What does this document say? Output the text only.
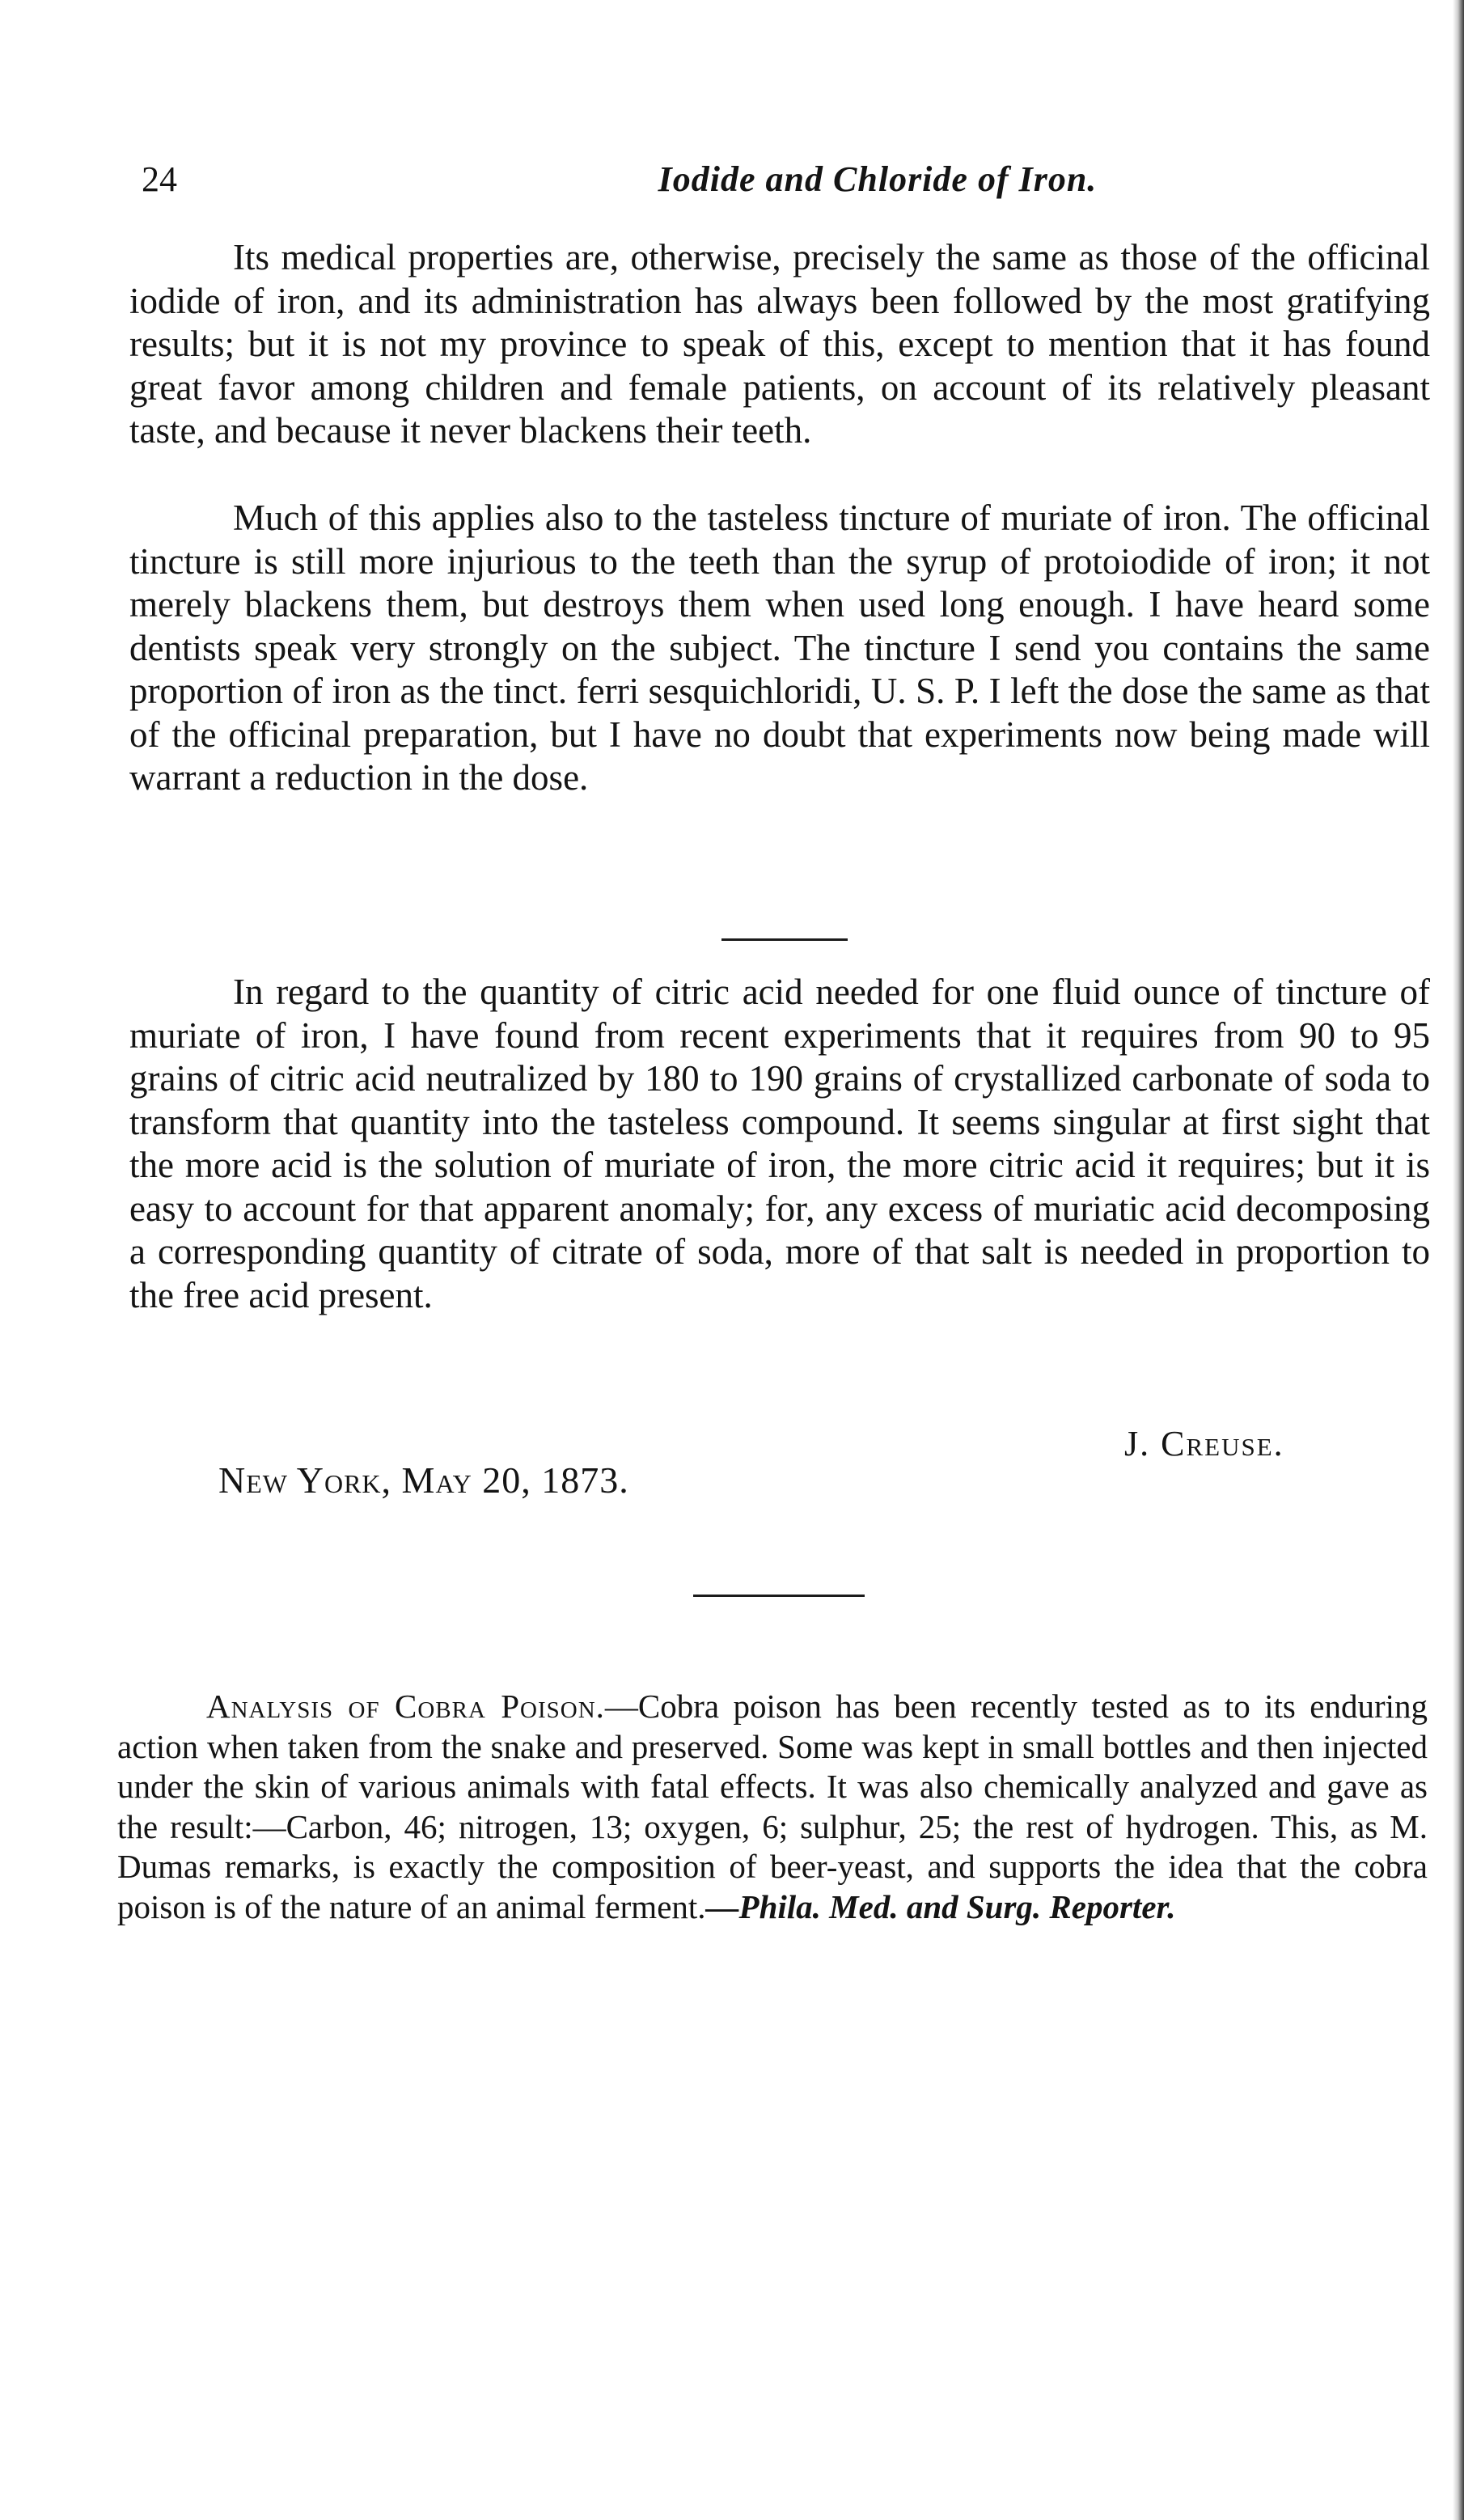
24	Iodide and Chloride of Iron.

Its medical properties are, otherwise, precisely the same as those of the officinal iodide of iron, and its administration has always been followed by the most gratifying results; but it is not my province to speak of this, except to mention that it has found great favor among children and female patients, on account of its relatively pleasant taste, and because it never blackens their teeth.

Much of this applies also to the tasteless tincture of muriate of iron. The officinal tincture is still more injurious to the teeth than the syrup of protoiodide of iron; it not merely blackens them, but destroys them when used long enough. I have heard some dentists speak very strongly on the subject. The tincture I send you contains the same proportion of iron as the tinct. ferri sesquichloridi, U. S. P. I left the dose the same as that of the officinal preparation, but I have no doubt that experiments now being made will warrant a reduction in the dose.

In regard to the quantity of citric acid needed for one fluid ounce of tincture of muriate of iron, I have found from recent experiments that it requires from 90 to 95 grains of citric acid neutralized by 180 to 190 grains of crystallized carbonate of soda to transform that quantity into the tasteless compound. It seems singular at first sight that the more acid is the solution of muriate of iron, the more citric acid it requires; but it is easy to account for that apparent anomaly; for, any excess of muriatic acid decomposing a corresponding quantity of citrate of soda, more of that salt is needed in proportion to the free acid present.

J. Creuse.
New York, May 20, 1873.

Analysis of Cobra Poison.—Cobra poison has been recently tested as to its enduring action when taken from the snake and preserved. Some was kept in small bottles and then injected under the skin of various animals with fatal effects. It was also chemically analyzed and gave as the result:—Carbon, 46; nitrogen, 13; oxygen, 6; sulphur, 25; the rest of hydrogen. This, as M. Dumas remarks, is exactly the composition of beer-yeast, and supports the idea that the cobra poison is of the nature of an animal ferment.—Phila. Med. and Surg. Reporter.
